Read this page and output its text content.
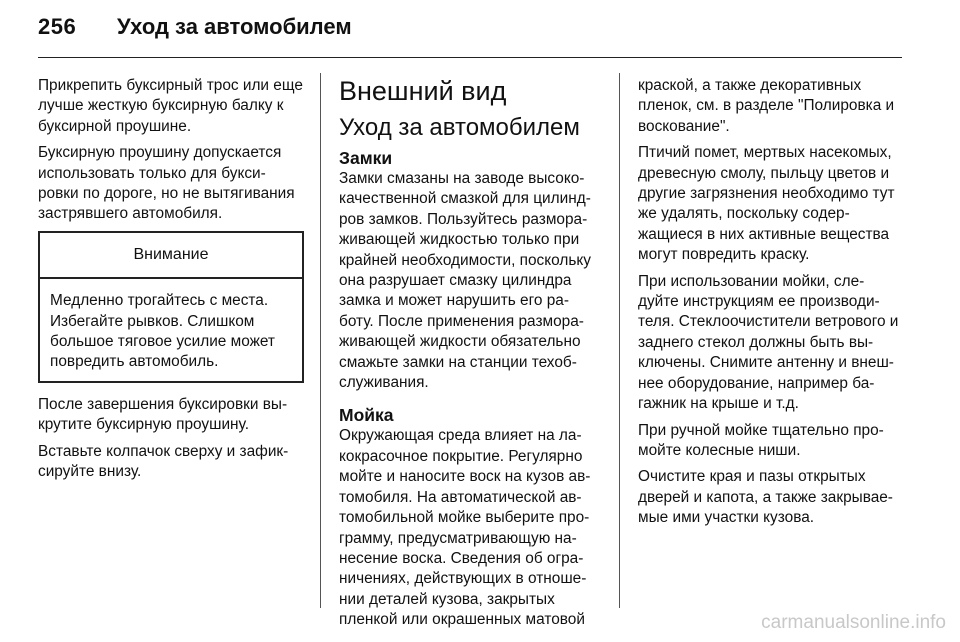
256 Уход за автомобилем

Прикрепить буксирный трос или еще лучше жесткую буксирную балку к буксирной проушине.

Буксирную проушину допускается использовать только для букси-ровки по дороге, но не вытягивания застрявшего автомобиля.

Внимание
Медленно трогайтесь с места. Избегайте рывков. Слишком большое тяговое усилие может повредить автомобиль.

После завершения буксировки вы-крутите буксирную проушину.

Вставьте колпачок сверху и зафик-сируйте внизу.

Внешний вид
Уход за автомобилем
Замки

Замки смазаны на заводе высоко-качественной смазкой для цилинд-ров замков. Пользуйтесь размора-живающей жидкостью только при крайней необходимости, поскольку она разрушает смазку цилиндра замка и может нарушить его ра-боту. После применения размора-живающей жидкости обязательно смажьте замки на станции техоб-служивания.

Мойка

Окружающая среда влияет на ла-кокрасочное покрытие. Регулярно мойте и наносите воск на кузов ав-томобиля. На автоматической ав-томобильной мойке выберите про-грамму, предусматривающую на-несение воска. Сведения об огра-ничениях, действующих в отноше-нии деталей кузова, закрытых пленкой или окрашенных матовой

краской, а также декоративных пленок, см. в разделе "Полировка и воскование".

Птичий помет, мертвых насекомых, древесную смолу, пыльцу цветов и другие загрязнения необходимо тут же удалять, поскольку содер-жащиеся в них активные вещества могут повредить краску.

При использовании мойки, сле-дуйте инструкциям ее производи-теля. Стеклоочистители ветрового и заднего стекол должны быть вы-ключены. Снимите антенну и внеш-нее оборудование, например ба-гажник на крыше и т.д.

При ручной мойке тщательно про-мойте колесные ниши.

Очистите края и пазы открытых дверей и капота, а также закрывае-мые ими участки кузова.

carmanualsonline.info
